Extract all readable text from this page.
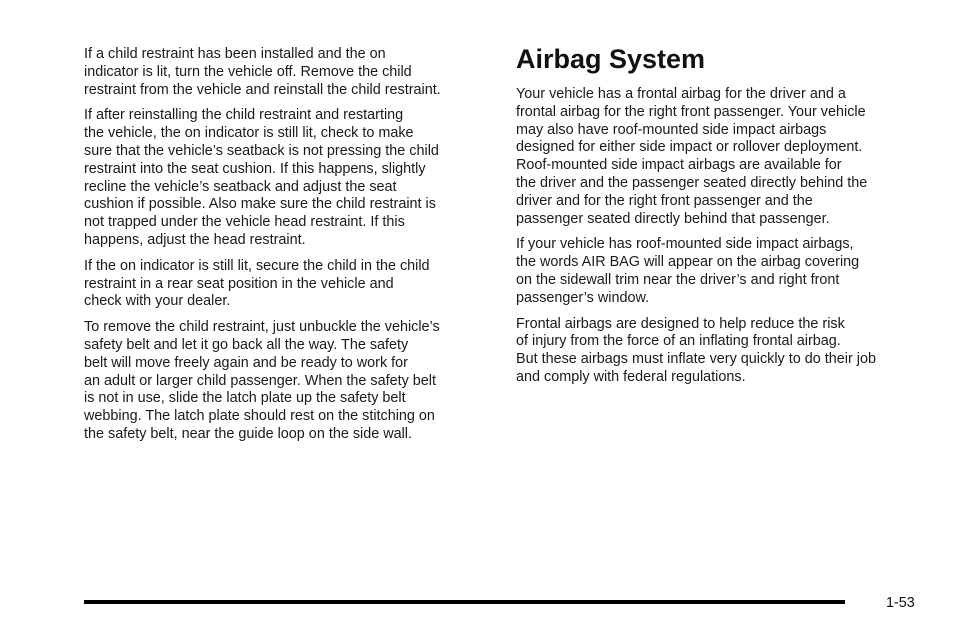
If a child restraint has been installed and the on
indicator is lit, turn the vehicle off. Remove the child
restraint from the vehicle and reinstall the child restraint.

If after reinstalling the child restraint and restarting
the vehicle, the on indicator is still lit, check to make
sure that the vehicle’s seatback is not pressing the child
restraint into the seat cushion. If this happens, slightly
recline the vehicle’s seatback and adjust the seat
cushion if possible. Also make sure the child restraint is
not trapped under the vehicle head restraint. If this
happens, adjust the head restraint.

If the on indicator is still lit, secure the child in the child
restraint in a rear seat position in the vehicle and
check with your dealer.

To remove the child restraint, just unbuckle the vehicle’s
safety belt and let it go back all the way. The safety
belt will move freely again and be ready to work for
an adult or larger child passenger. When the safety belt
is not in use, slide the latch plate up the safety belt
webbing. The latch plate should rest on the stitching on
the safety belt, near the guide loop on the side wall.

Airbag System

Your vehicle has a frontal airbag for the driver and a
frontal airbag for the right front passenger. Your vehicle
may also have roof-mounted side impact airbags
designed for either side impact or rollover deployment.
Roof-mounted side impact airbags are available for
the driver and the passenger seated directly behind the
driver and for the right front passenger and the
passenger seated directly behind that passenger.

If your vehicle has roof-mounted side impact airbags,
the words AIR BAG will appear on the airbag covering
on the sidewall trim near the driver’s and right front
passenger’s window.

Frontal airbags are designed to help reduce the risk
of injury from the force of an inflating frontal airbag.
But these airbags must inflate very quickly to do their job
and comply with federal regulations.

1-53
